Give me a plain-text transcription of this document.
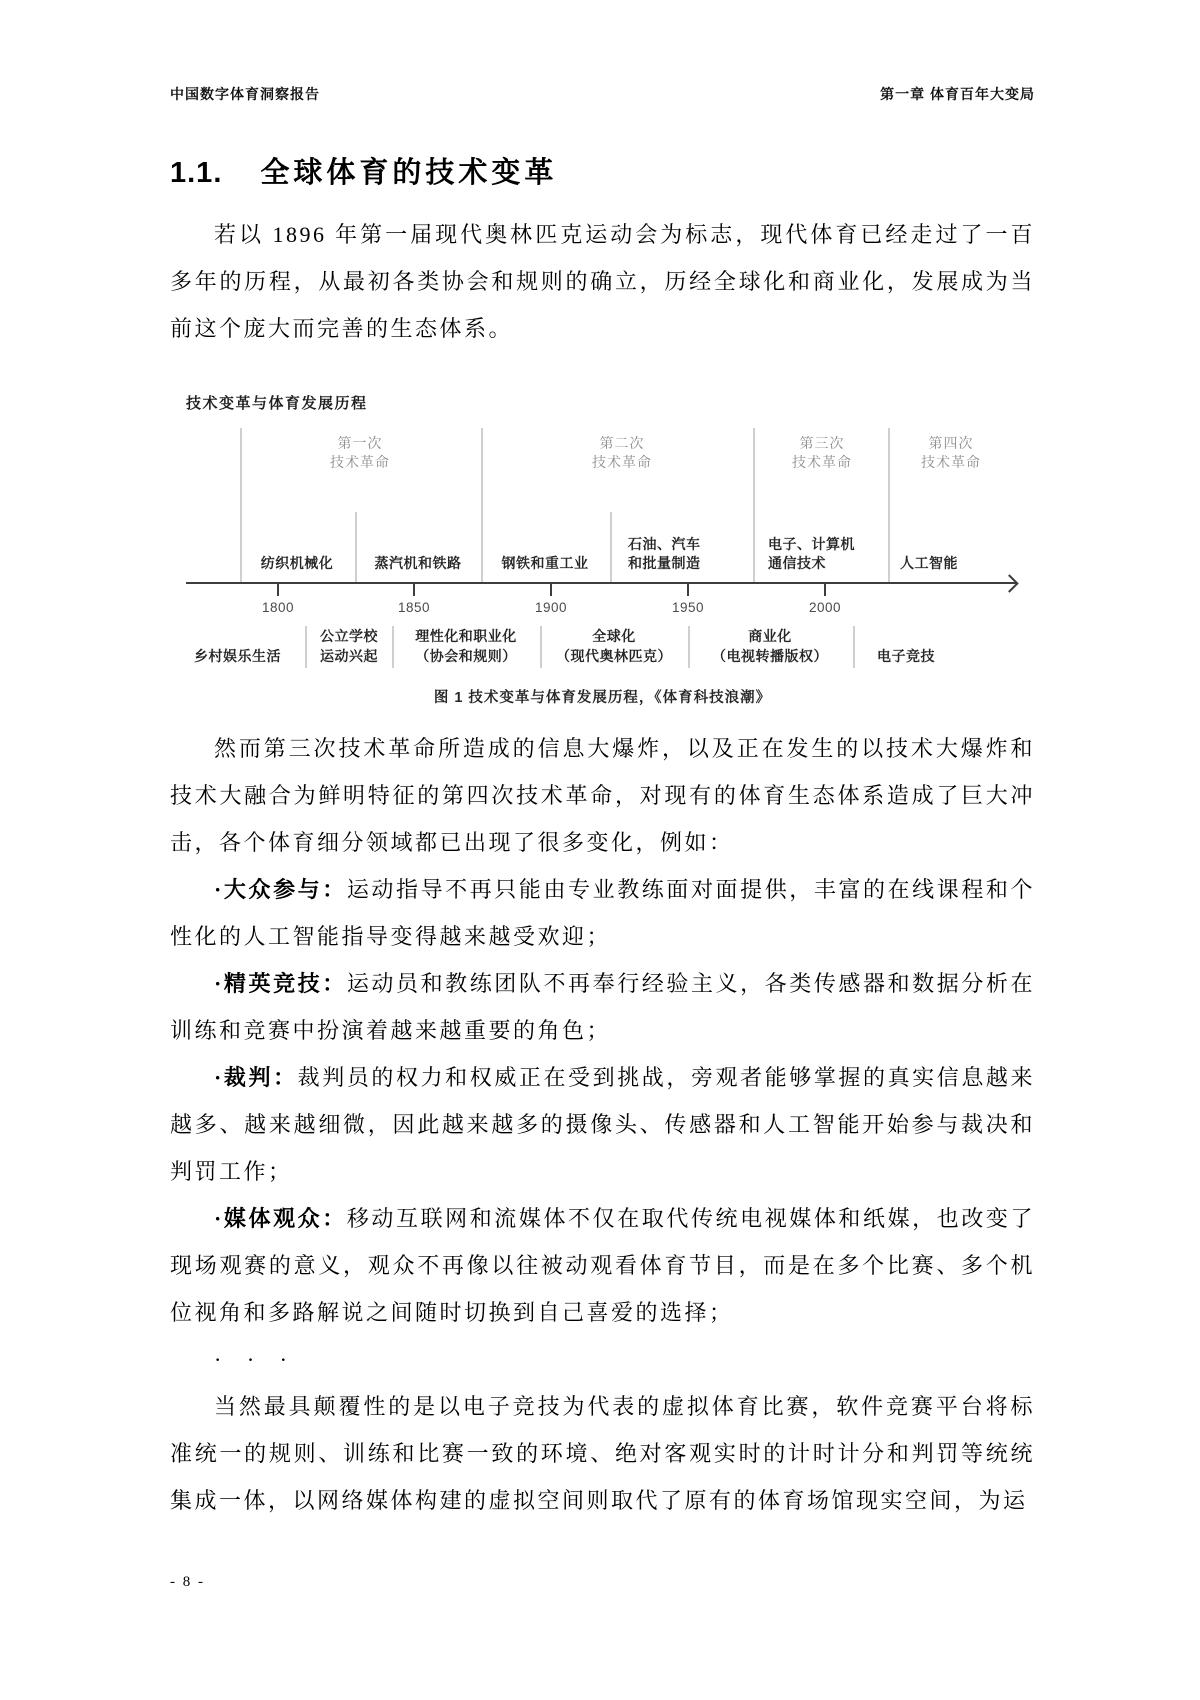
中国数字体育洞察报告	第一章 体育百年大变局
1.1. 全球体育的技术变革

若以 1896 年第一届现代奥林匹克运动会为标志，现代体育已经走过了一百多年的历程，从最初各类协会和规则的确立，历经全球化和商业化，发展成为当前这个庞大而完善的生态体系。

技术变革与体育发展历程
第一次
技术革命
第二次
技术革命
第三次
技术革命
第四次
技术革命
纺织机械化	蒸汽机和铁路	钢铁和重工业
石油、汽车
和批量制造
电子、计算机
通信技术	人工智能
1800	1850	1900	1950	2000
乡村娱乐生活
公立学校
运动兴起
理性化和职业化
（协会和规则）
全球化
（现代奥林匹克）
商业化
（电视转播版权）	电子竞技
图 1 技术变革与体育发展历程，《体育科技浪潮》

然而第三次技术革命所造成的信息大爆炸，以及正在发生的以技术大爆炸和技术大融合为鲜明特征的第四次技术革命，对现有的体育生态体系造成了巨大冲击，各个体育细分领域都已出现了很多变化，例如：

·大众参与：运动指导不再只能由专业教练面对面提供，丰富的在线课程和个性化的人工智能指导变得越来越受欢迎；

·精英竞技：运动员和教练团队不再奉行经验主义，各类传感器和数据分析在训练和竞赛中扮演着越来越重要的角色；

·裁判：裁判员的权力和权威正在受到挑战，旁观者能够掌握的真实信息越来越多、越来越细微，因此越来越多的摄像头、传感器和人工智能开始参与裁决和判罚工作；

·媒体观众：移动互联网和流媒体不仅在取代传统电视媒体和纸媒，也改变了现场观赛的意义，观众不再像以往被动观看体育节目，而是在多个比赛、多个机位视角和多路解说之间随时切换到自己喜爱的选择；

· · ·

当然最具颠覆性的是以电子竞技为代表的虚拟体育比赛，软件竞赛平台将标准统一的规则、训练和比赛一致的环境、绝对客观实时的计时计分和判罚等统统集成一体，以网络媒体构建的虚拟空间则取代了原有的体育场馆现实空间，为运

- 8 -
